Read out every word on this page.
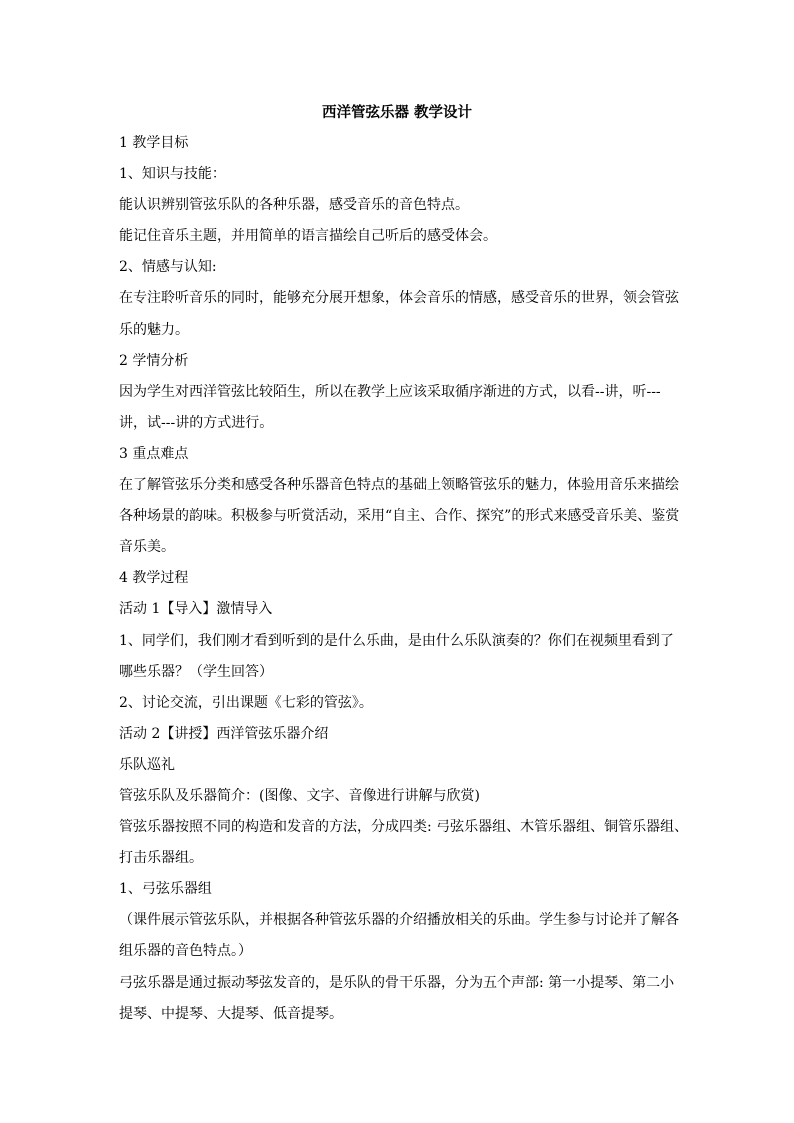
西洋管弦乐器 教学设计
1 教学目标
1、知识与技能：
能认识辨别管弦乐队的各种乐器，感受音乐的音色特点。
能记住音乐主题，并用简单的语言描绘自己听后的感受体会。
2、情感与认知:
在专注聆听音乐的同时，能够充分展开想象，体会音乐的情感，感受音乐的世界，领会管弦
乐的魅力。
2 学情分析
因为学生对西洋管弦比较陌生，所以在教学上应该采取循序渐进的方式，以看--讲，听---
讲，试---讲的方式进行。
3 重点难点
在了解管弦乐分类和感受各种乐器音色特点的基础上领略管弦乐的魅力，体验用音乐来描绘
各种场景的韵味。积极参与听赏活动，采用“自主、合作、探究”的形式来感受音乐美、鉴赏
音乐美。
4 教学过程
活动 1【导入】激情导入
1、同学们，我们刚才看到听到的是什么乐曲，是由什么乐队演奏的？你们在视频里看到了
哪些乐器？（学生回答）
2、讨论交流，引出课题《七彩的管弦》。
活动 2【讲授】西洋管弦乐器介绍
乐队巡礼
管弦乐队及乐器简介：(图像、文字、音像进行讲解与欣赏)
管弦乐器按照不同的构造和发音的方法，分成四类: 弓弦乐器组、木管乐器组、铜管乐器组、
打击乐器组。
1、弓弦乐器组
（课件展示管弦乐队，并根据各种管弦乐器的介绍播放相关的乐曲。学生参与讨论并了解各
组乐器的音色特点。）
弓弦乐器是通过振动琴弦发音的，是乐队的骨干乐器，分为五个声部: 第一小提琴、第二小
提琴、中提琴、大提琴、低音提琴。
